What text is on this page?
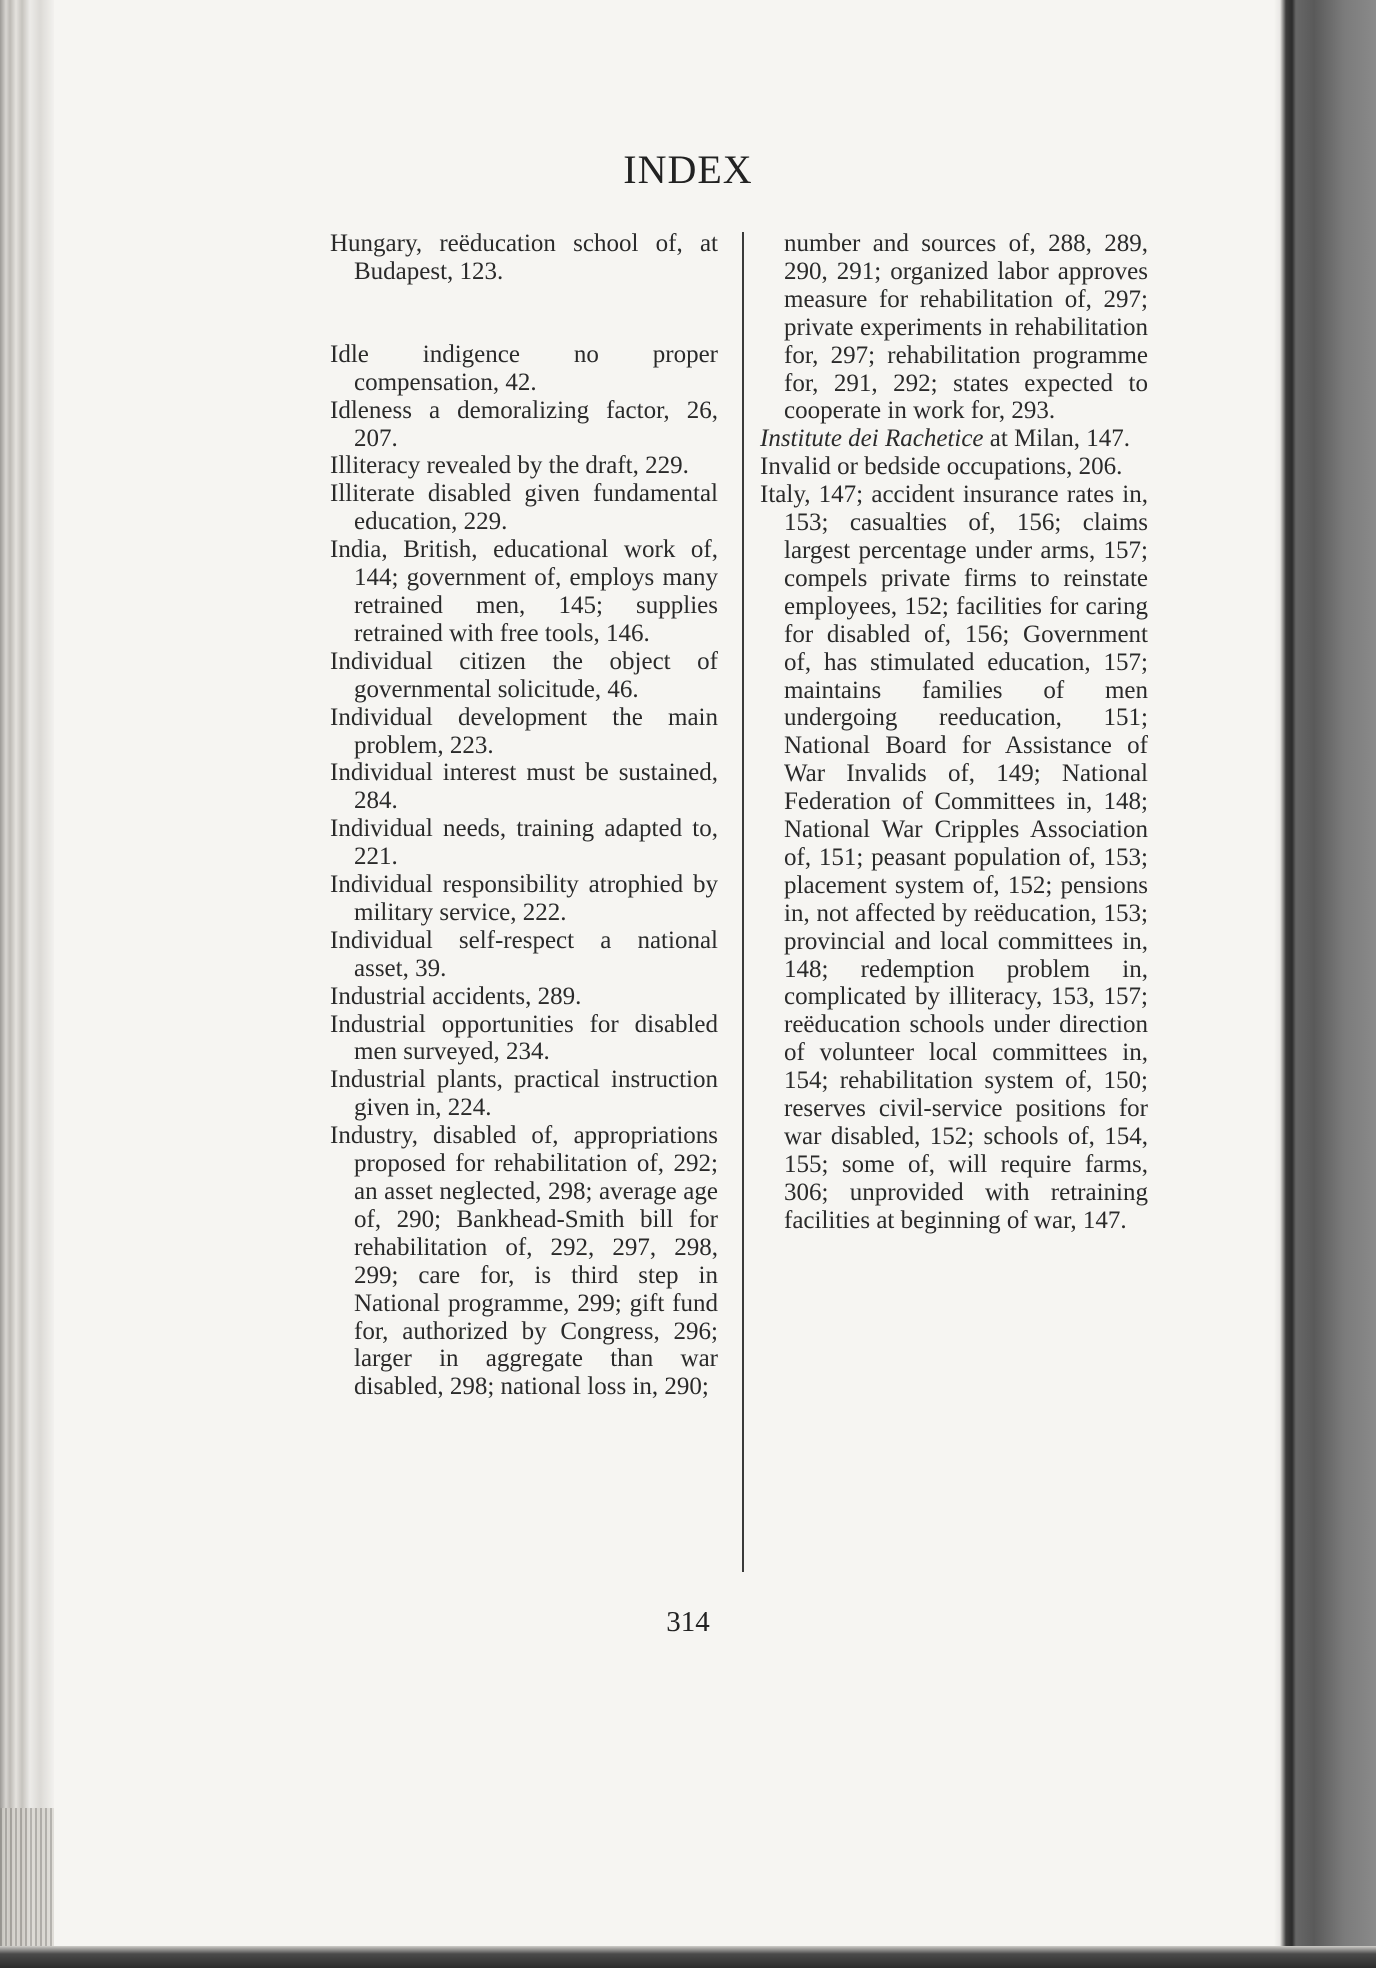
INDEX

Hungary, reëducation school of, at Budapest, 123.

Idle indigence no proper compensation, 42.

Idleness a demoralizing factor, 26, 207.

Illiteracy revealed by the draft, 229.

Illiterate disabled given fundamental education, 229.

India, British, educational work of, 144; government of, employs many retrained men, 145; supplies retrained with free tools, 146.

Individual citizen the object of governmental solicitude, 46.

Individual development the main problem, 223.

Individual interest must be sustained, 284.

Individual needs, training adapted to, 221.

Individual responsibility atrophied by military service, 222.

Individual self-respect a national asset, 39.

Industrial accidents, 289.

Industrial opportunities for disabled men surveyed, 234.

Industrial plants, practical instruction given in, 224.

Industry, disabled of, appropriations proposed for rehabilitation of, 292; an asset neglected, 298; average age of, 290; Bankhead-Smith bill for rehabilitation of, 292, 297, 298, 299; care for, is third step in National programme, 299; gift fund for, authorized by Congress, 296; larger in aggregate than war disabled, 298; national loss in, 290;

number and sources of, 288, 289, 290, 291; organized labor approves measure for rehabilitation of, 297; private experiments in rehabilitation for, 297; rehabilitation programme for, 291, 292; states expected to cooperate in work for, 293.

Institute dei Rachetice at Milan, 147.

Invalid or bedside occupations, 206.

Italy, 147; accident insurance rates in, 153; casualties of, 156; claims largest percentage under arms, 157; compels private firms to reinstate employees, 152; facilities for caring for disabled of, 156; Government of, has stimulated education, 157; maintains families of men undergoing reeducation, 151; National Board for Assistance of War Invalids of, 149; National Federation of Committees in, 148; National War Cripples Association of, 151; peasant population of, 153; placement system of, 152; pensions in, not affected by reëducation, 153; provincial and local committees in, 148; redemption problem in, complicated by illiteracy, 153, 157; reëducation schools under direction of volunteer local committees in, 154; rehabilitation system of, 150; reserves civil-service positions for war disabled, 152; schools of, 154, 155; some of, will require farms, 306; unprovided with retraining facilities at beginning of war, 147.

314
